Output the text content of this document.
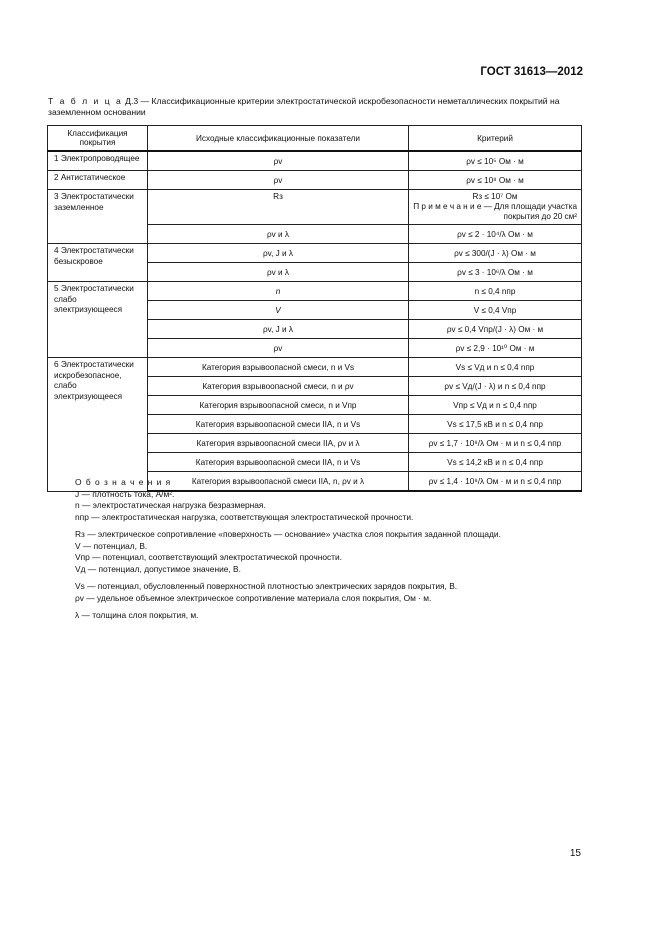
ГОСТ 31613—2012
Т а б л и ц а Д.3 — Классификационные критерии электростатической искробезопасности неметаллических покрытий на заземленном основании
Классификация покрытия	Исходные классификационные показатели	Критерий
1 Электропроводящее	ρv	ρv ≤ 10⁵ Ом · м
2 Антистатическое	ρv	ρv ≤ 10⁸ Ом · м
3 Электростатически заземленное	Rз	Rз ≤ 10⁷ Ом
П р и м е ч а н и е — Для площади участка покрытия до 20 см²

	ρv и λ	ρv ≤ 2 · 10⁴/λ Ом · м
4 Электростатически безыскровое	ρv, J и λ	ρv ≤ 300/(J · λ) Ом · м
	ρv и λ	ρv ≤ 3 · 10⁶/λ Ом · м
5 Электростатически слабо электризующееся	n	n ≤ 0,4 nпр
	V	V ≤ 0,4 Vпр
	ρv, J и λ	ρv ≤ 0,4 Vпр/(J · λ) Ом · м
	ρv	ρv ≤ 2,9 · 10¹⁰ Ом · м
6 Электростатически искробезопасное, слабо электризующееся	Категория взрывоопасной смеси, n и Vs	Vs ≤ Vд и n ≤ 0,4 nпр
	Категория взрывоопасной смеси, n и ρv	ρv ≤ Vд/(J · λ) и n ≤ 0,4 nпр
	Категория взрывоопасной смеси, n и Vпр	Vпр ≤ Vд и n ≤ 0,4 nпр
	Категория взрывоопасной смеси IIA, n и Vs	Vs ≤ 17,5 кВ и n ≤ 0,4 nпр
	Категория взрывоопасной смеси IIA, ρv и λ	ρv ≤ 1,7 · 10⁸/λ Ом · м и n ≤ 0,4 nпр
	Категория взрывоопасной смеси IIA, n и Vs	Vs ≤ 14,2 кВ и n ≤ 0,4 nпр
	Категория взрывоопасной смеси IIA, n, ρv и λ	ρv ≤ 1,4 · 10⁸/λ Ом · м и n ≤ 0,4 nпр
О б о з н а ч е н и я
J — плотность тока, А/м².
n — электростатическая нагрузка безразмерная.
nпр — электростатическая нагрузка, соответствующая электростатической прочности.
Rз — электрическое сопротивление «поверхность — основание» участка слоя покрытия заданной площади.
V — потенциал, В.
Vпр — потенциал, соответствующий электростатической прочности.
Vд — потенциал, допустимое значение, В.
Vs — потенциал, обусловленный поверхностной плотностью электрических зарядов покрытия, В.
ρv — удельное объемное электрическое сопротивление материала слоя покрытия, Ом · м.
λ — толщина слоя покрытия, м.
15
